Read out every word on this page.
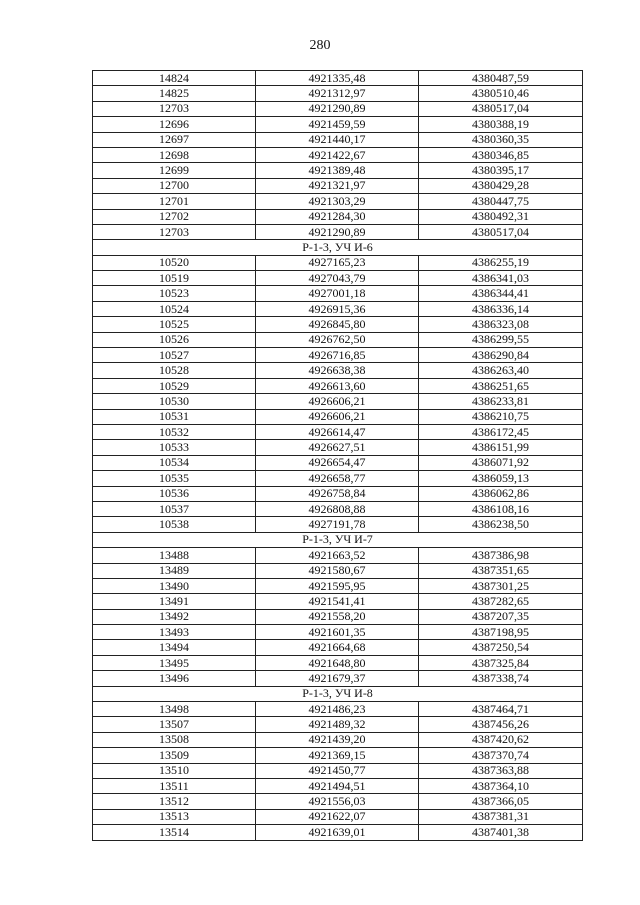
280
14824	4921335,48	4380487,59
14825	4921312,97	4380510,46
12703	4921290,89	4380517,04
12696	4921459,59	4380388,19
12697	4921440,17	4380360,35
12698	4921422,67	4380346,85
12699	4921389,48	4380395,17
12700	4921321,97	4380429,28
12701	4921303,29	4380447,75
12702	4921284,30	4380492,31
12703	4921290,89	4380517,04
Р-1-3, УЧ И-6		
10520	4927165,23	4386255,19
10519	4927043,79	4386341,03
10523	4927001,18	4386344,41
10524	4926915,36	4386336,14
10525	4926845,80	4386323,08
10526	4926762,50	4386299,55
10527	4926716,85	4386290,84
10528	4926638,38	4386263,40
10529	4926613,60	4386251,65
10530	4926606,21	4386233,81
10531	4926606,21	4386210,75
10532	4926614,47	4386172,45
10533	4926627,51	4386151,99
10534	4926654,47	4386071,92
10535	4926658,77	4386059,13
10536	4926758,84	4386062,86
10537	4926808,88	4386108,16
10538	4927191,78	4386238,50
Р-1-3, УЧ И-7		
13488	4921663,52	4387386,98
13489	4921580,67	4387351,65
13490	4921595,95	4387301,25
13491	4921541,41	4387282,65
13492	4921558,20	4387207,35
13493	4921601,35	4387198,95
13494	4921664,68	4387250,54
13495	4921648,80	4387325,84
13496	4921679,37	4387338,74
Р-1-3, УЧ И-8		
13498	4921486,23	4387464,71
13507	4921489,32	4387456,26
13508	4921439,20	4387420,62
13509	4921369,15	4387370,74
13510	4921450,77	4387363,88
13511	4921494,51	4387364,10
13512	4921556,03	4387366,05
13513	4921622,07	4387381,31
13514	4921639,01	4387401,38
